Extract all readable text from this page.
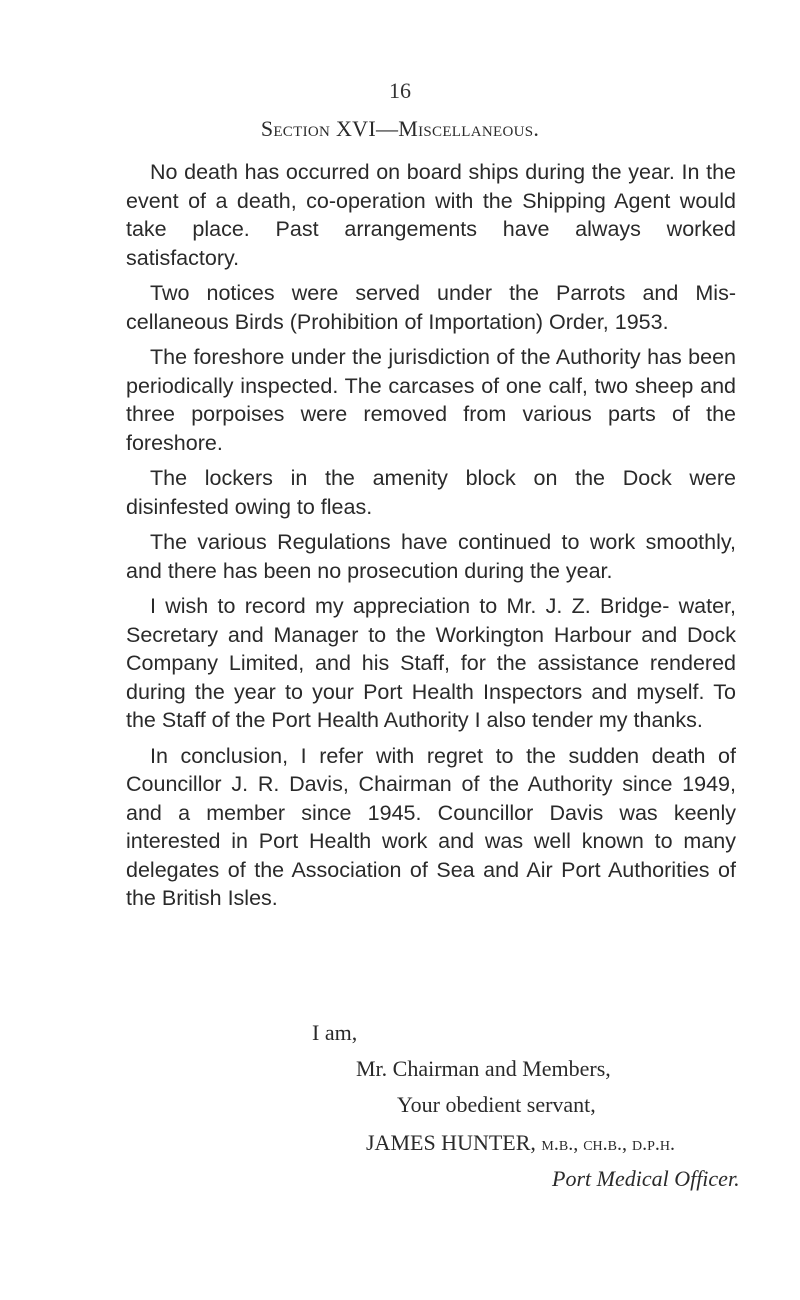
16
Section XVI—Miscellaneous.

No death has occurred on board ships during the year. In the event of a death, co-operation with the Shipping Agent would take place. Past arrangements have always worked satisfactory.

Two notices were served under the Parrots and Mis- cellaneous Birds (Prohibition of Importation) Order, 1953.

The foreshore under the jurisdiction of the Authority has been periodically inspected. The carcases of one calf, two sheep and three porpoises were removed from various parts of the foreshore.

The lockers in the amenity block on the Dock were disinfested owing to fleas.

The various Regulations have continued to work smoothly, and there has been no prosecution during the year.

I wish to record my appreciation to Mr. J. Z. Bridge- water, Secretary and Manager to the Workington Harbour and Dock Company Limited, and his Staff, for the assistance rendered during the year to your Port Health Inspectors and myself. To the Staff of the Port Health Authority I also tender my thanks.

In conclusion, I refer with regret to the sudden death of Councillor J. R. Davis, Chairman of the Authority since 1949, and a member since 1945. Councillor Davis was keenly interested in Port Health work and was well known to many delegates of the Association of Sea and Air Port Authorities of the British Isles.

I am,
Mr. Chairman and Members,
Your obedient servant,
JAMES HUNTER, m.b., ch.b., d.p.h.
Port Medical Officer.
